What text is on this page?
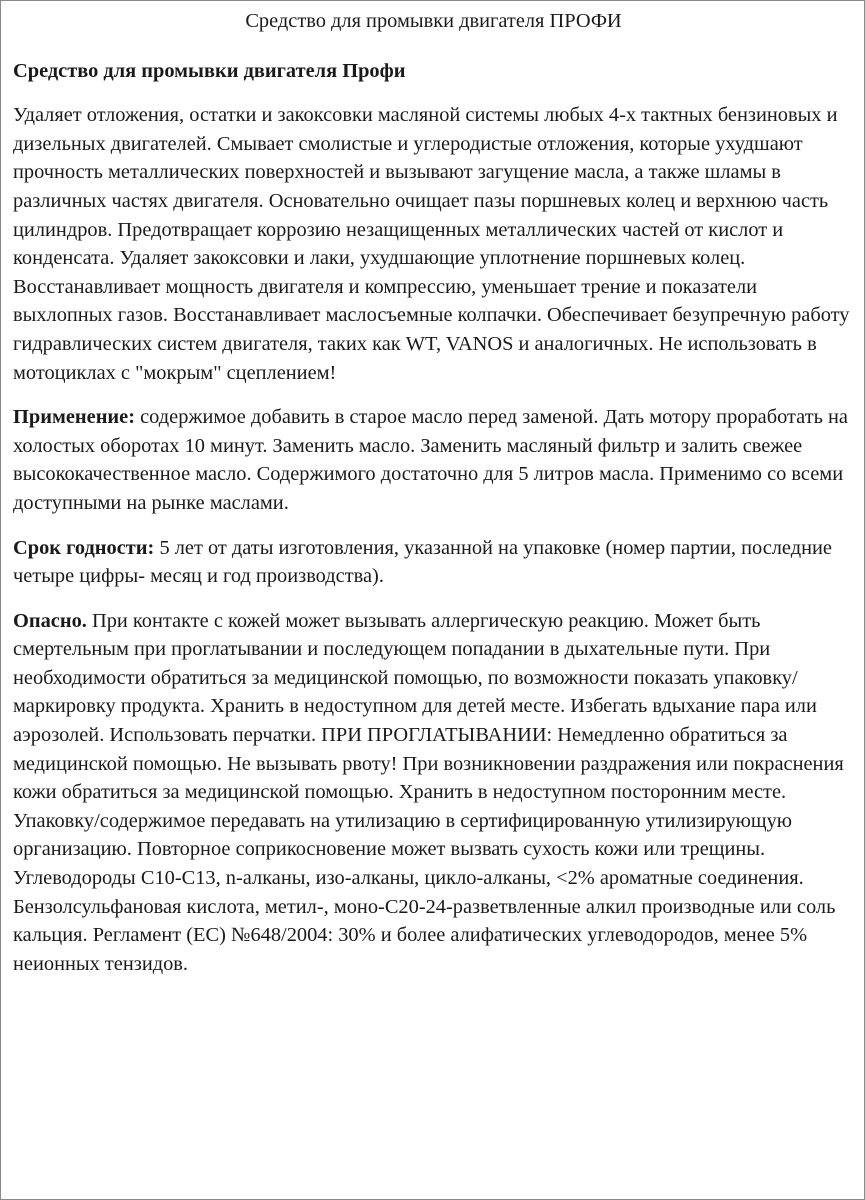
Средство для промывки двигателя ПРОФИ
Средство для промывки двигателя Профи

Удаляет отложения, остатки и закоксовки масляной системы любых 4-х тактных бензиновых и дизельных двигателей. Смывает смолистые и углеродистые отложения, которые ухудшают прочность металлических поверхностей и вызывают загущение масла, а также шламы в различных частях двигателя. Основательно очищает пазы поршневых колец и верхнюю часть цилиндров. Предотвращает коррозию незащищенных металлических частей от кислот и конденсата. Удаляет закоксовки и лаки, ухудшающие уплотнение поршневых колец. Восстанавливает мощность двигателя и компрессию, уменьшает трение и показатели выхлопных газов. Восстанавливает маслосъемные колпачки. Обеспечивает безупречную работу гидравлических систем двигателя, таких как WT, VANOS и аналогичных. Не использовать в мотоциклах с "мокрым" сцеплением!

Применение: содержимое добавить в старое масло перед заменой. Дать мотору проработать на холостых оборотах 10 минут. Заменить масло. Заменить масляный фильтр и залить свежее высококачественное масло. Содержимого достаточно для 5 литров масла. Применимо со всеми доступными на рынке маслами.

Срок годности: 5 лет от даты изготовления, указанной на упаковке (номер партии, последние четыре цифры- месяц и год производства).

Опасно. При контакте с кожей может вызывать аллергическую реакцию. Может быть смертельным при проглатывании и последующем попадании в дыхательные пути. При необходимости обратиться за медицинской помощью, по возможности показать упаковку/маркировку продукта. Хранить в недоступном для детей месте. Избегать вдыхание пара или аэрозолей. Использовать перчатки. ПРИ ПРОГЛАТЫВАНИИ: Немедленно обратиться за медицинской помощью. Не вызывать рвоту! При возникновении раздражения или покраснения кожи обратиться за медицинской помощью. Хранить в недоступном посторонним месте. Упаковку/содержимое передавать на утилизацию в сертифицированную утилизирующую организацию. Повторное соприкосновение может вызвать сухость кожи или трещины. Углеводороды С10-С13, n-алканы, изо-алканы, цикло-алканы, <2% ароматные соединения. Бензолсульфановая кислота, метил-, моно-С20-24-разветвленные алкил производные или соль кальция. Регламент (ЕС) №648/2004: 30% и более алифатических углеводородов, менее 5% неионных тензидов.
